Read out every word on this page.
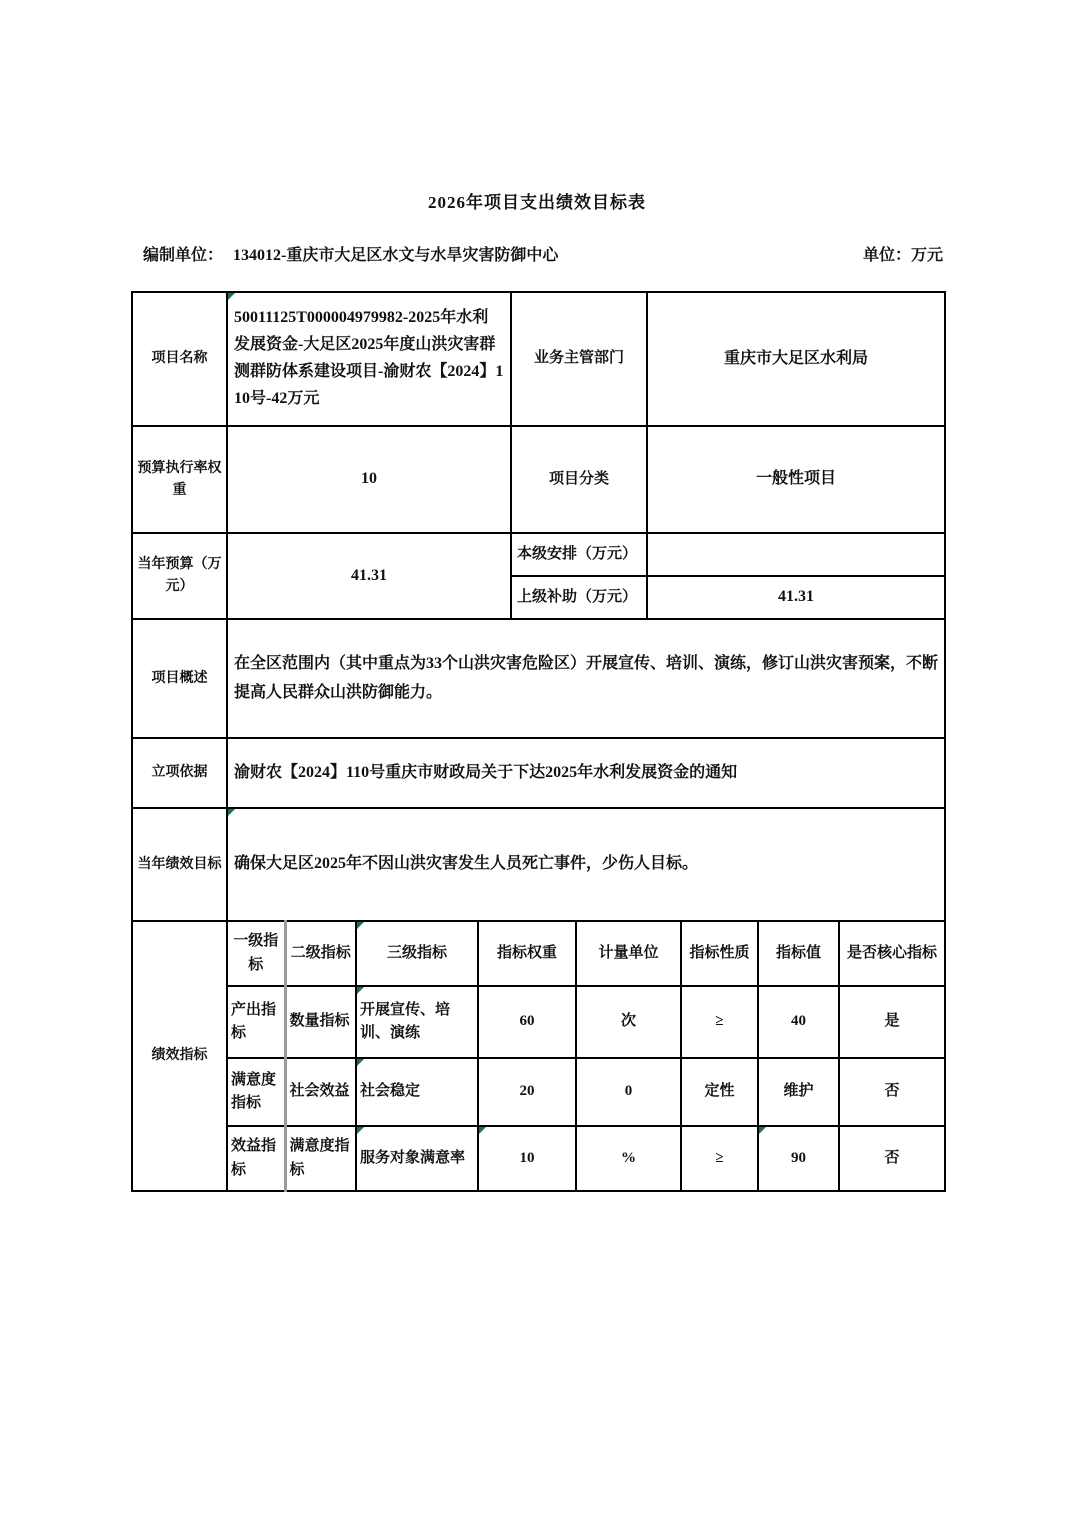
2026年项目支出绩效目标表
编制单位： 134012-重庆市大足区水文与水旱灾害防御中心	单位：万元
项目名称	50011125T000004979982-2025年水利发展资金-大足区2025年度山洪灾害群测群防体系建设项目-渝财农【2024】110号-42万元	业务主管部门	重庆市大足区水利局
预算执行率权重	10	项目分类	一般性项目
当年预算（万元）	41.31	本级安排（万元）	
		上级补助（万元）	41.31
项目概述	在全区范围内（其中重点为33个山洪灾害危险区）开展宣传、培训、演练，修订山洪灾害预案，不断提高人民群众山洪防御能力。		
立项依据	渝财农【2024】110号重庆市财政局关于下达2025年水利发展资金的通知		
当年绩效目标	确保大足区2025年不因山洪灾害发生人员死亡事件，少伤人目标。		
绩效指标	一级指标	二级指标	三级指标	指标权重	计量单位	指标性质	指标值	是否核心指标
	产出指标	数量指标	开展宣传、培训、演练	60	次	≥	40	是
	满意度指标	社会效益	社会稳定	20	0	定性	维护	否
	效益指标	满意度指标	服务对象满意率	10	%	≥	90	否
